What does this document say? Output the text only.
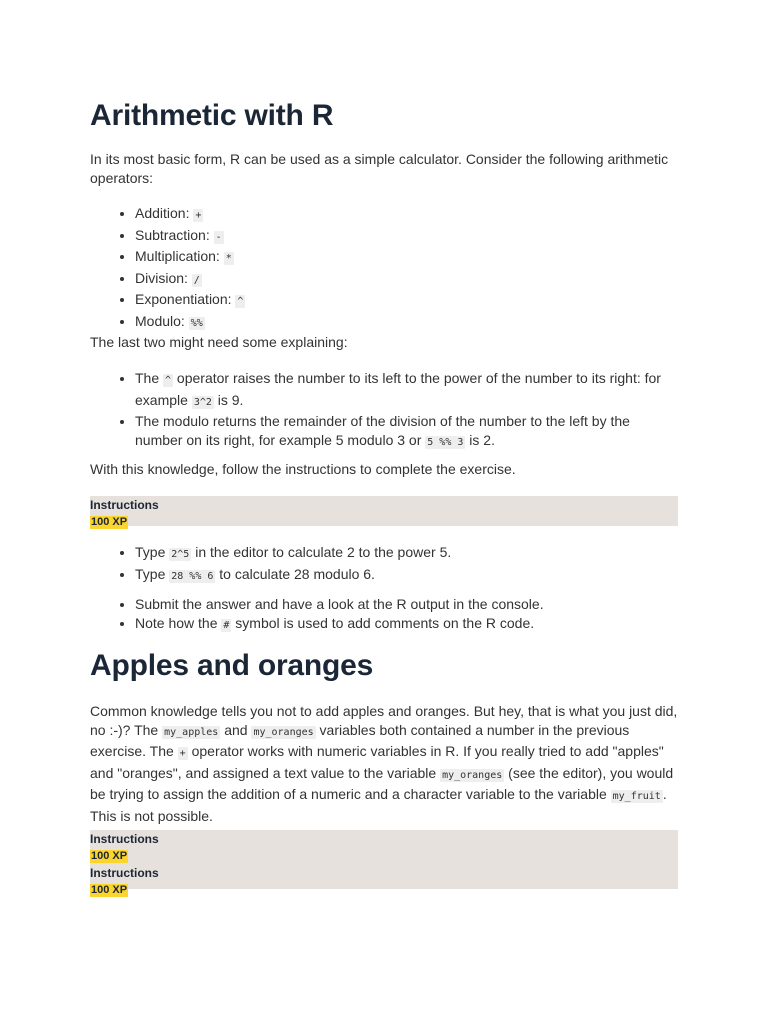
Arithmetic with R

In its most basic form, R can be used as a simple calculator. Consider the following arithmetic operators:

• Addition: +
• Subtraction: -
• Multiplication: *
• Division: /
• Exponentiation: ^
• Modulo: %%

The last two might need some explaining:

• The ^ operator raises the number to its left to the power of the number to its right: for example 3^2 is 9.
• The modulo returns the remainder of the division of the number to the left by the number on its right, for example 5 modulo 3 or 5 %% 3 is 2.

With this knowledge, follow the instructions to complete the exercise.

Instructions
100 XP
• Type 2^5 in the editor to calculate 2 to the power 5.
• Type 28 %% 6 to calculate 28 modulo 6.
• Submit the answer and have a look at the R output in the console.
• Note how the # symbol is used to add comments on the R code.
Apples and oranges

Common knowledge tells you not to add apples and oranges. But hey, that is what you just did, no :-)? The my_apples and my_oranges variables both contained a number in the previous exercise. The + operator works with numeric variables in R. If you really tried to add "apples" and "oranges", and assigned a text value to the variable my_oranges (see the editor), you would be trying to assign the addition of a numeric and a character variable to the variable my_fruit . This is not possible.

Instructions
100 XP
Instructions
100 XP
